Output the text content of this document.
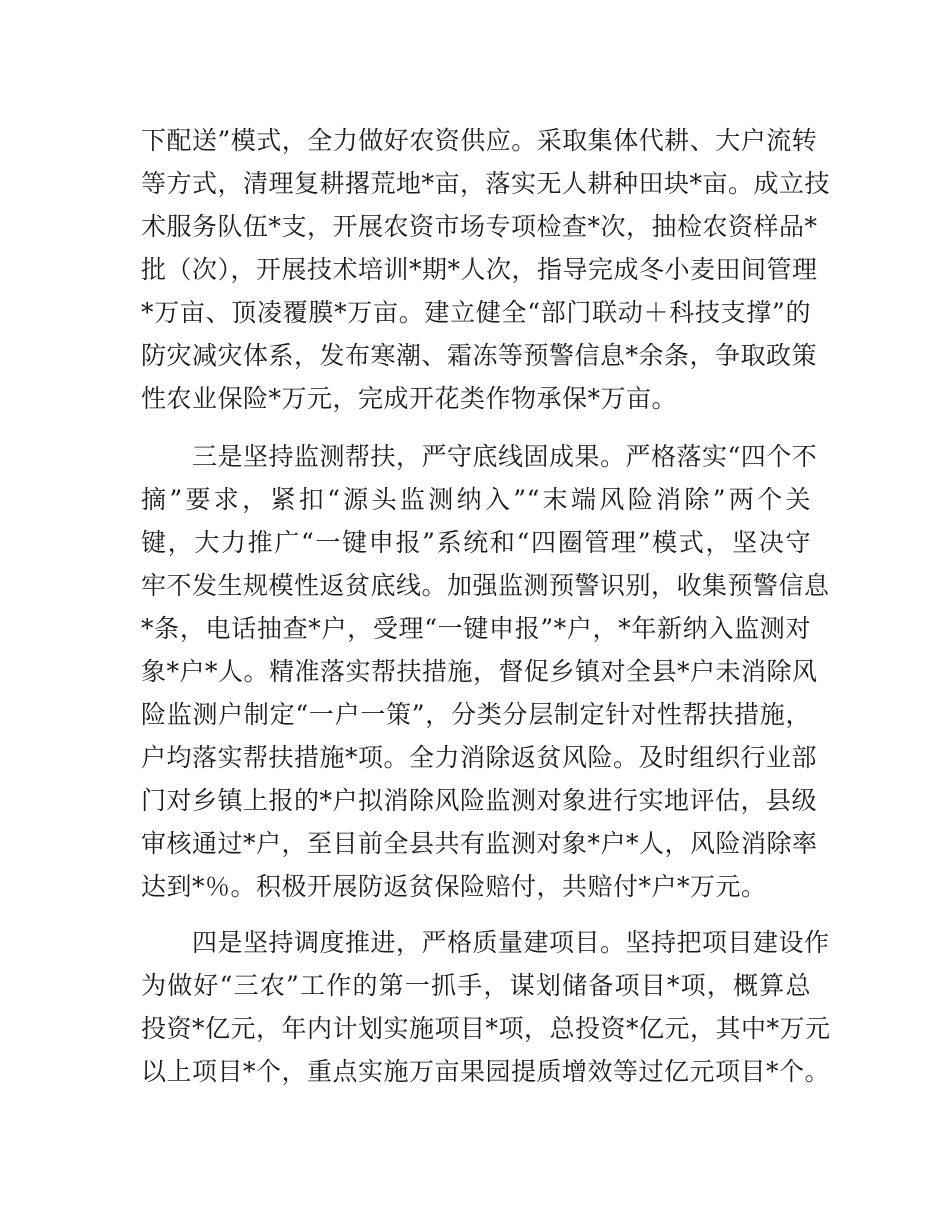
下配送”模式，全力做好农资供应。采取集体代耕、大户流转
等方式，清理复耕撂荒地*亩，落实无人耕种田块*亩。成立技
术服务队伍*支，开展农资市场专项检查*次，抽检农资样品*
批（次），开展技术培训*期*人次，指导完成冬小麦田间管理
*万亩、顶凌覆膜*万亩。建立健全“部门联动＋科技支撑”的
防灾减灾体系，发布寒潮、霜冻等预警信息*余条，争取政策
性农业保险*万元，完成开花类作物承保*万亩。
三是坚持监测帮扶，严守底线固成果。严格落实“四个不
摘”要求，紧扣“源头监测纳入”“末端风险消除”两个关
键，大力推广“一键申报”系统和“四圈管理”模式，坚决守
牢不发生规模性返贫底线。加强监测预警识别，收集预警信息
*条，电话抽查*户，受理“一键申报”*户，*年新纳入监测对
象*户*人。精准落实帮扶措施，督促乡镇对全县*户未消除风
险监测户制定“一户一策”，分类分层制定针对性帮扶措施，
户均落实帮扶措施*项。全力消除返贫风险。及时组织行业部
门对乡镇上报的*户拟消除风险监测对象进行实地评估，县级
审核通过*户，至目前全县共有监测对象*户*人，风险消除率
达到*％。积极开展防返贫保险赔付，共赔付*户*万元。
四是坚持调度推进，严格质量建项目。坚持把项目建设作
为做好“三农”工作的第一抓手，谋划储备项目*项，概算总
投资*亿元，年内计划实施项目*项，总投资*亿元，其中*万元
以上项目*个，重点实施万亩果园提质增效等过亿元项目*个。
